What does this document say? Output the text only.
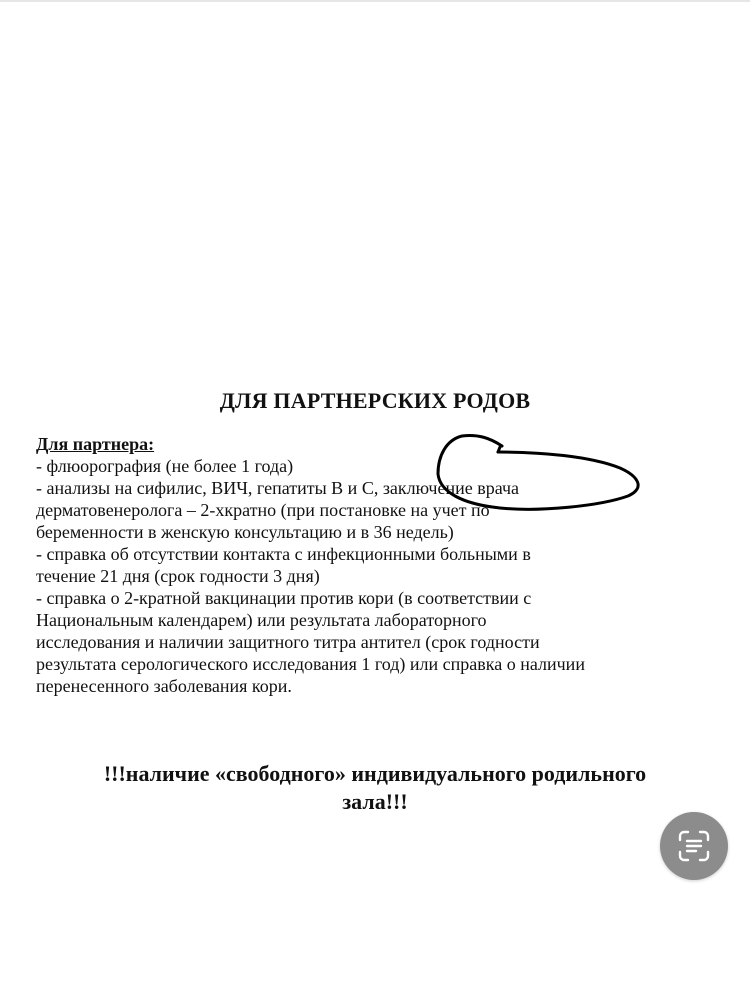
ДЛЯ ПАРТНЕРСКИХ РОДОВ
Для партнера:
- флюорография (не более 1 года)
- анализы на сифилис, ВИЧ, гепатиты В и С, заключение врача
дерматовенеролога – 2-хкратно (при постановке на учет по
беременности в женскую консультацию и в 36 недель)
- справка об отсутствии контакта с инфекционными больными в
течение 21 дня (срок годности 3 дня)
- справка о 2-кратной вакцинации против кори (в соответствии с
Национальным календарем) или результата лабораторного
исследования и наличии защитного титра антител (срок годности
результата серологического исследования 1 год) или справка о наличии
перенесенного заболевания кори.
!!!наличие «свободного» индивидуального родильного
зала!!!
